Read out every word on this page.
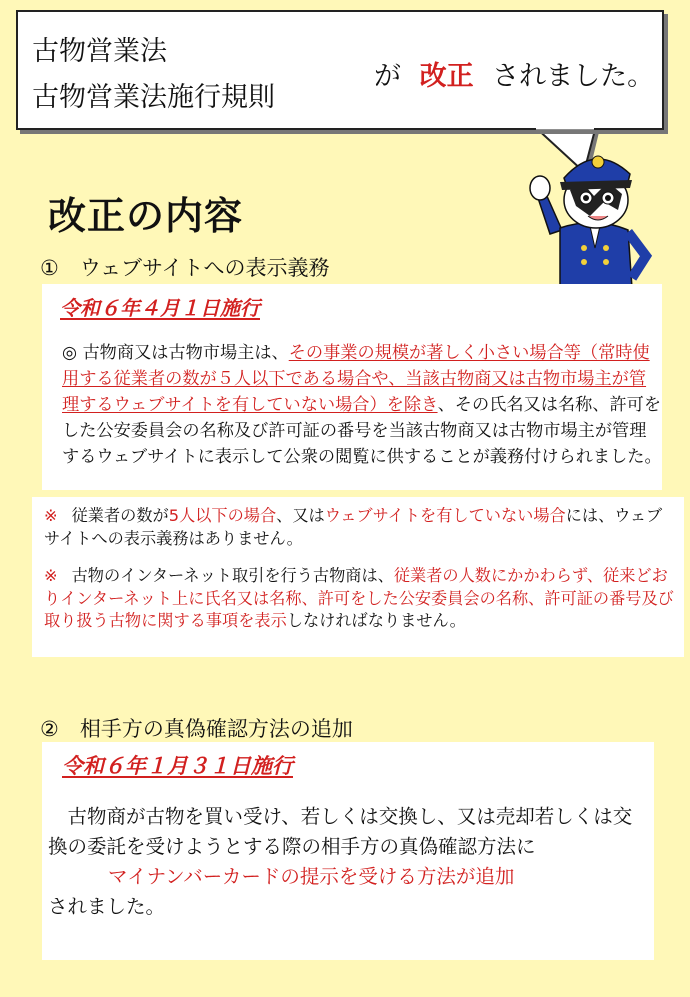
古物営業法
古物営業法施行規則
が 改正 されました。
改正の内容
①　ウェブサイトへの表示義務
令和６年４月１日施行
◎ 古物商又は古物市場主は、その事業の規模が著しく小さい場合等（常時使用する従業者の数が５人以下である場合や、当該古物商又は古物市場主が管理するウェブサイトを有していない場合）を除き、その氏名又は名称、許可をした公安委員会の名称及び許可証の番号を当該古物商又は古物市場主が管理するウェブサイトに表示して公衆の閲覧に供することが義務付けられました。
※ 従業者の数が5人以下の場合、又はウェブサイトを有していない場合には、ウェブサイトへの表示義務はありません。
※ 古物のインターネット取引を行う古物商は、従業者の人数にかかわらず、従来どおりインターネット上に氏名又は名称、許可をした公安委員会の名称、許可証の番号及び取り扱う古物に関する事項を表示しなければなりません。
②　相手方の真偽確認方法の追加
令和６年１月３１日施行
　古物商が古物を買い受け、若しくは交換し、又は売却若しくは交換の委託を受けようとする際の相手方の真偽確認方法に
マイナンバーカードの提示を受ける方法が追加
されました。
